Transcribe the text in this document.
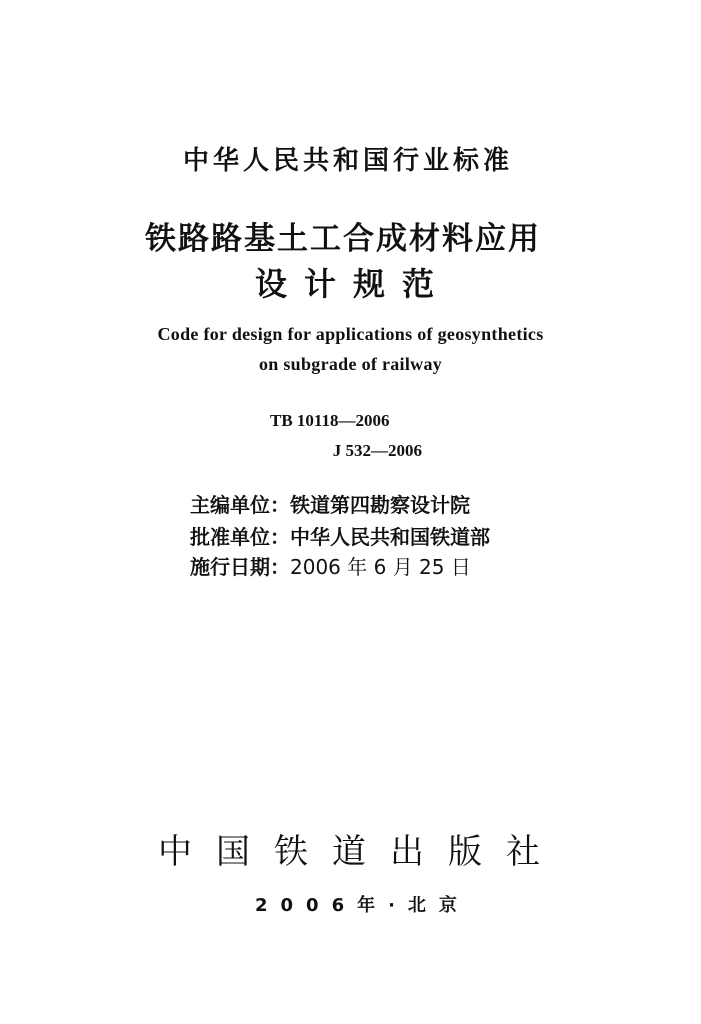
中华人民共和国行业标准
铁路路基土工合成材料应用
设计规范
Code for design for applications of geosynthetics
on subgrade of railway
TB 10118—2006
J 532—2006
主编单位：铁道第四勘察设计院
批准单位：中华人民共和国铁道部
施行日期：2006 年 6 月 25 日
中国铁道出版社
2006年·北京
